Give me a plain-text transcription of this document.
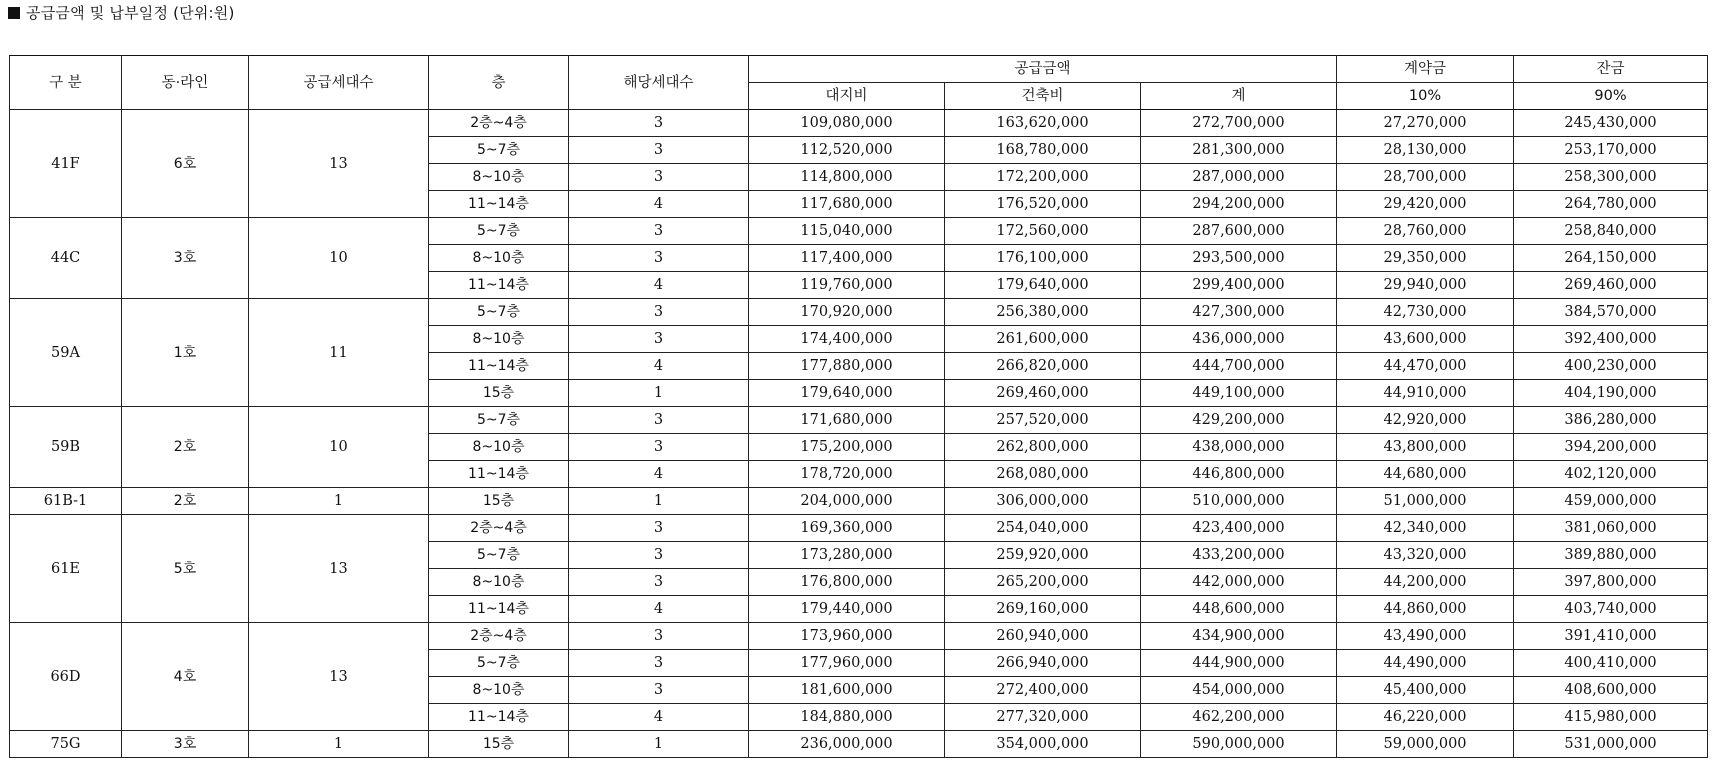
공급금액 및 납부일정 (단위:원)
구 분	동·라인	공급세대수	층	해당세대수	공급금액			계약금	잔금
					대지비	건축비	계	10%	90%
41F	6호	13	2층~4층	3	109,080,000	163,620,000	272,700,000	27,270,000	245,430,000
			5~7층	3	112,520,000	168,780,000	281,300,000	28,130,000	253,170,000
			8~10층	3	114,800,000	172,200,000	287,000,000	28,700,000	258,300,000
			11~14층	4	117,680,000	176,520,000	294,200,000	29,420,000	264,780,000
44C	3호	10	5~7층	3	115,040,000	172,560,000	287,600,000	28,760,000	258,840,000
			8~10층	3	117,400,000	176,100,000	293,500,000	29,350,000	264,150,000
			11~14층	4	119,760,000	179,640,000	299,400,000	29,940,000	269,460,000
59A	1호	11	5~7층	3	170,920,000	256,380,000	427,300,000	42,730,000	384,570,000
			8~10층	3	174,400,000	261,600,000	436,000,000	43,600,000	392,400,000
			11~14층	4	177,880,000	266,820,000	444,700,000	44,470,000	400,230,000
			15층	1	179,640,000	269,460,000	449,100,000	44,910,000	404,190,000
59B	2호	10	5~7층	3	171,680,000	257,520,000	429,200,000	42,920,000	386,280,000
			8~10층	3	175,200,000	262,800,000	438,000,000	43,800,000	394,200,000
			11~14층	4	178,720,000	268,080,000	446,800,000	44,680,000	402,120,000
61B-1	2호	1	15층	1	204,000,000	306,000,000	510,000,000	51,000,000	459,000,000
61E	5호	13	2층~4층	3	169,360,000	254,040,000	423,400,000	42,340,000	381,060,000
			5~7층	3	173,280,000	259,920,000	433,200,000	43,320,000	389,880,000
			8~10층	3	176,800,000	265,200,000	442,000,000	44,200,000	397,800,000
			11~14층	4	179,440,000	269,160,000	448,600,000	44,860,000	403,740,000
66D	4호	13	2층~4층	3	173,960,000	260,940,000	434,900,000	43,490,000	391,410,000
			5~7층	3	177,960,000	266,940,000	444,900,000	44,490,000	400,410,000
			8~10층	3	181,600,000	272,400,000	454,000,000	45,400,000	408,600,000
			11~14층	4	184,880,000	277,320,000	462,200,000	46,220,000	415,980,000
75G	3호	1	15층	1	236,000,000	354,000,000	590,000,000	59,000,000	531,000,000
